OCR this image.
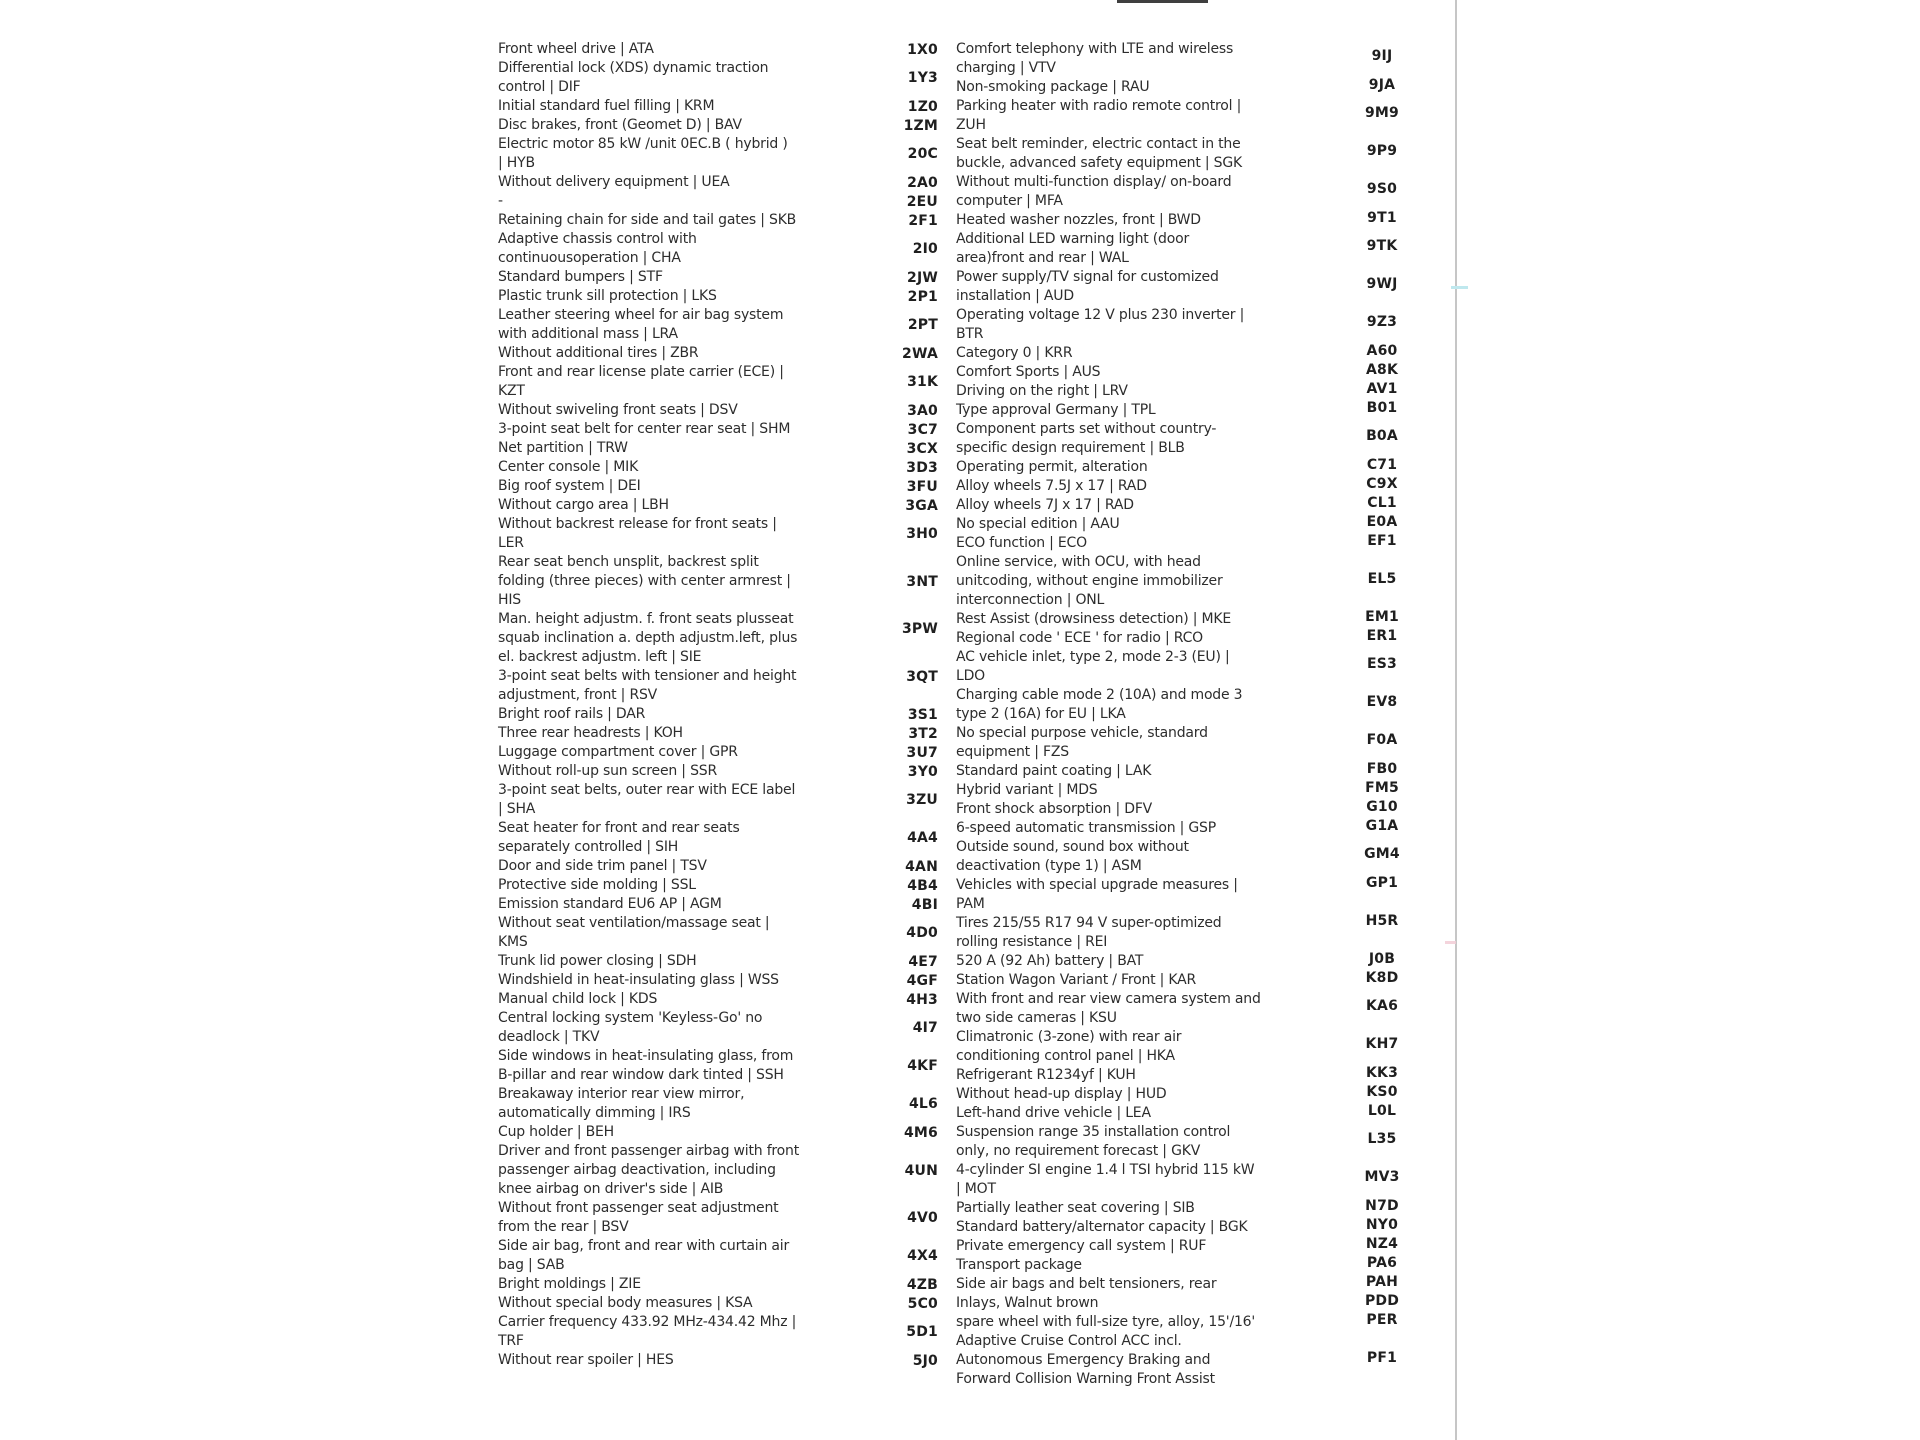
Front wheel drive | ATA
Differential lock (XDS) dynamic traction
control | DIF
Initial standard fuel filling | KRM
Disc brakes, front (Geomet D) | BAV
Electric motor 85 kW /unit 0EC.B ( hybrid )
| HYB
Without delivery equipment | UEA
-
Retaining chain for side and tail gates | SKB
Adaptive chassis control with
continuousoperation | CHA
Standard bumpers | STF
Plastic trunk sill protection | LKS
Leather steering wheel for air bag system
with additional mass | LRA
Without additional tires | ZBR
Front and rear license plate carrier (ECE) |
KZT
Without swiveling front seats | DSV
3-point seat belt for center rear seat | SHM
Net partition | TRW
Center console | MIK
Big roof system | DEI
Without cargo area | LBH
Without backrest release for front seats |
LER
Rear seat bench unsplit, backrest split
folding (three pieces) with center armrest |
HIS
Man. height adjustm. f. front seats plusseat
squab inclination a. depth adjustm.left, plus
el. backrest adjustm. left | SIE
3-point seat belts with tensioner and height
adjustment, front | RSV
Bright roof rails | DAR
Three rear headrests | KOH
Luggage compartment cover | GPR
Without roll-up sun screen | SSR
3-point seat belts, outer rear with ECE label
| SHA
Seat heater for front and rear seats
separately controlled | SIH
Door and side trim panel | TSV
Protective side molding | SSL
Emission standard EU6 AP | AGM
Without seat ventilation/massage seat |
KMS
Trunk lid power closing | SDH
Windshield in heat-insulating glass | WSS
Manual child lock | KDS
Central locking system 'Keyless-Go' no
deadlock | TKV
Side windows in heat-insulating glass, from
B-pillar and rear window dark tinted | SSH
Breakaway interior rear view mirror,
automatically dimming | IRS
Cup holder | BEH
Driver and front passenger airbag with front
passenger airbag deactivation, including
knee airbag on driver's side | AIB
Without front passenger seat adjustment
from the rear | BSV
Side air bag, front and rear with curtain air
bag | SAB
Bright moldings | ZIE
Without special body measures | KSA
Carrier frequency 433.92 MHz-434.42 Mhz |
TRF
Without rear spoiler | HES
1X0
1Y3
1Z0
1ZM
20C
2A0
2EU
2F1
2I0
2JW
2P1
2PT
2WA
31K
3A0
3C7
3CX
3D3
3FU
3GA
3H0
3NT
3PW
3QT
3S1
3T2
3U7
3Y0
3ZU
4A4
4AN
4B4
4BI
4D0
4E7
4GF
4H3
4I7
4KF
4L6
4M6
4UN
4V0
4X4
4ZB
5C0
5D1
5J0
Comfort telephony with LTE and wireless
charging | VTV
Non-smoking package | RAU
Parking heater with radio remote control |
ZUH
Seat belt reminder, electric contact in the
buckle, advanced safety equipment | SGK
Without multi-function display/ on-board
computer | MFA
Heated washer nozzles, front | BWD
Additional LED warning light (door
area)front and rear | WAL
Power supply/TV signal for customized
installation | AUD
Operating voltage 12 V plus 230 inverter |
BTR
Category 0 | KRR
Comfort Sports | AUS
Driving on the right | LRV
Type approval Germany | TPL
Component parts set without country-
specific design requirement | BLB
Operating permit, alteration
Alloy wheels 7.5J x 17 | RAD
Alloy wheels 7J x 17 | RAD
No special edition | AAU
ECO function | ECO
Online service, with OCU, with head
unitcoding, without engine immobilizer
interconnection | ONL
Rest Assist (drowsiness detection) | MKE
Regional code ' ECE ' for radio | RCO
AC vehicle inlet, type 2, mode 2-3 (EU) |
LDO
Charging cable mode 2 (10A) and mode 3
type 2 (16A) for EU | LKA
No special purpose vehicle, standard
equipment | FZS
Standard paint coating | LAK
Hybrid variant | MDS
Front shock absorption | DFV
6-speed automatic transmission | GSP
Outside sound, sound box without
deactivation (type 1) | ASM
Vehicles with special upgrade measures |
PAM
Tires 215/55 R17 94 V super-optimized
rolling resistance | REI
520 A (92 Ah) battery | BAT
Station Wagon Variant / Front | KAR
With front and rear view camera system and
two side cameras | KSU
Climatronic (3-zone) with rear air
conditioning control panel | HKA
Refrigerant R1234yf | KUH
Without head-up display | HUD
Left-hand drive vehicle | LEA
Suspension range 35 installation control
only, no requirement forecast | GKV
4-cylinder SI engine 1.4 l TSI hybrid 115 kW
| MOT
Partially leather seat covering | SIB
Standard battery/alternator capacity | BGK
Private emergency call system | RUF
Transport package
Side air bags and belt tensioners, rear
Inlays, Walnut brown
spare wheel with full-size tyre, alloy, 15'/16'
Adaptive Cruise Control ACC incl.
Autonomous Emergency Braking and
Forward Collision Warning Front Assist
9IJ
9JA
9M9
9P9
9S0
9T1
9TK
9WJ
9Z3
A60
A8K
AV1
B01
B0A
C71
C9X
CL1
E0A
EF1
EL5
EM1
ER1
ES3
EV8
F0A
FB0
FM5
G10
G1A
GM4
GP1
H5R
J0B
K8D
KA6
KH7
KK3
KS0
L0L
L35
MV3
N7D
NY0
NZ4
PA6
PAH
PDD
PER
PF1
